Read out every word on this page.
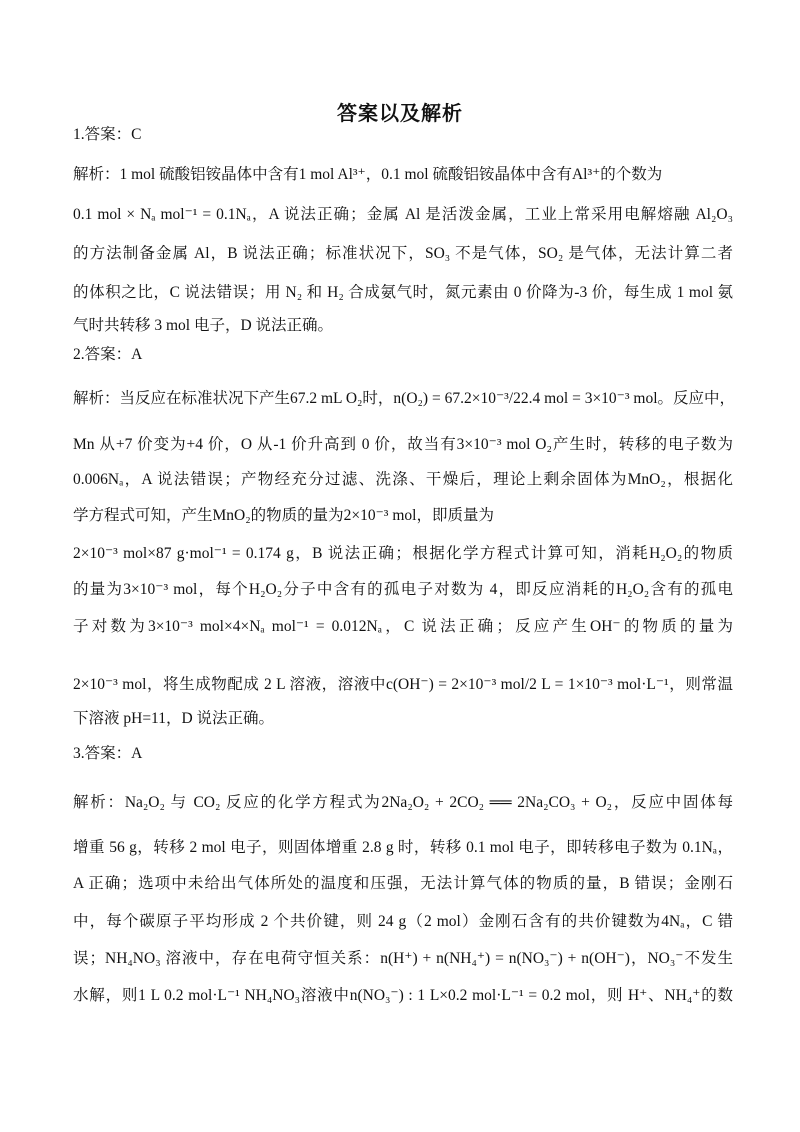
答案以及解析
1.答案：C
解析：1 mol 硫酸铝铵晶体中含有1 mol Al³⁺，0.1 mol 硫酸铝铵晶体中含有Al³⁺的个数为
0.1 mol × Nₐ mol⁻¹ = 0.1Nₐ，A 说法正确；金属 Al 是活泼金属，工业上常采用电解熔融 Al₂O₃
的方法制备金属 Al，B 说法正确；标准状况下，SO₃ 不是气体，SO₂ 是气体，无法计算二者
的体积之比，C 说法错误；用 N₂ 和 H₂ 合成氨气时，氮元素由 0 价降为-3 价，每生成 1 mol 氨
气时共转移 3 mol 电子，D 说法正确。
2.答案：A
解析：当反应在标准状况下产生67.2 mL O₂时，n(O₂) = 67.2×10⁻³/22.4 mol = 3×10⁻³ mol。反应中，
Mn 从+7 价变为+4 价，O 从-1 价升高到 0 价，故当有3×10⁻³ mol O₂产生时，转移的电子数为
0.006Nₐ，A 说法错误；产物经充分过滤、洗涤、干燥后，理论上剩余固体为MnO₂，根据化
学方程式可知，产生MnO₂的物质的量为2×10⁻³ mol，即质量为
2×10⁻³ mol×87 g·mol⁻¹ = 0.174 g，B 说法正确；根据化学方程式计算可知，消耗H₂O₂的物质
的量为3×10⁻³ mol，每个H₂O₂分子中含有的孤电子对数为 4，即反应消耗的H₂O₂含有的孤电
子对数为3×10⁻³ mol×4×Nₐ mol⁻¹ = 0.012Nₐ，C 说法正确；反应产生OH⁻的物质的量为
2×10⁻³ mol，将生成物配成 2 L 溶液，溶液中c(OH⁻) = 2×10⁻³ mol/2 L = 1×10⁻³ mol·L⁻¹，则常温
下溶液 pH=11，D 说法正确。
3.答案：A
解析：Na₂O₂ 与 CO₂ 反应的化学方程式为2Na₂O₂ + 2CO₂ ══ 2Na₂CO₃ + O₂，反应中固体每
增重 56 g，转移 2 mol 电子，则固体增重 2.8 g 时，转移 0.1 mol 电子，即转移电子数为 0.1Nₐ，
A 正确；选项中未给出气体所处的温度和压强，无法计算气体的物质的量，B 错误；金刚石
中，每个碳原子平均形成 2 个共价键，则 24 g（2 mol）金刚石含有的共价键数为4Nₐ，C 错
误；NH₄NO₃ 溶液中，存在电荷守恒关系：n(H⁺) + n(NH₄⁺) = n(NO₃⁻) + n(OH⁻)，NO₃⁻不发生
水解，则1 L 0.2 mol·L⁻¹ NH₄NO₃溶液中n(NO₃⁻) : 1 L×0.2 mol·L⁻¹ = 0.2 mol，则 H⁺、NH₄⁺的数
